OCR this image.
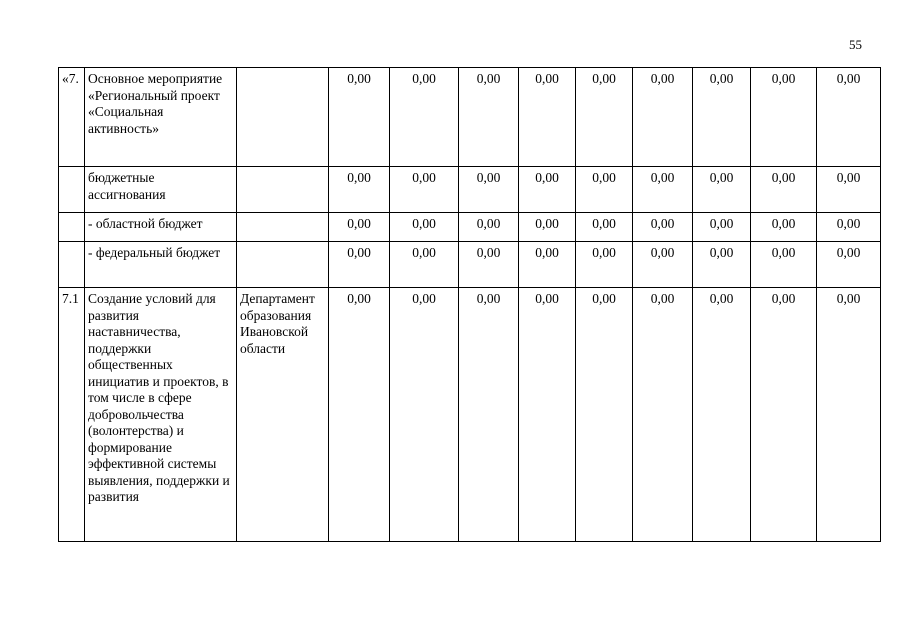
55
«7.	Основное мероприятие «Региональный проект «Социальная активность»		0,00	0,00	0,00	0,00	0,00	0,00	0,00	0,00	0,00
	бюджетные ассигнования		0,00	0,00	0,00	0,00	0,00	0,00	0,00	0,00	0,00
	- областной бюджет		0,00	0,00	0,00	0,00	0,00	0,00	0,00	0,00	0,00
	- федеральный бюджет		0,00	0,00	0,00	0,00	0,00	0,00	0,00	0,00	0,00
7.1	Создание условий для развития наставничества, поддержки общественных инициатив и проектов, в том числе в сфере добровольчества (волонтерства) и формирование эффективной системы выявления, поддержки и развития	Департамент образования Ивановской области	0,00	0,00	0,00	0,00	0,00	0,00	0,00	0,00	0,00
